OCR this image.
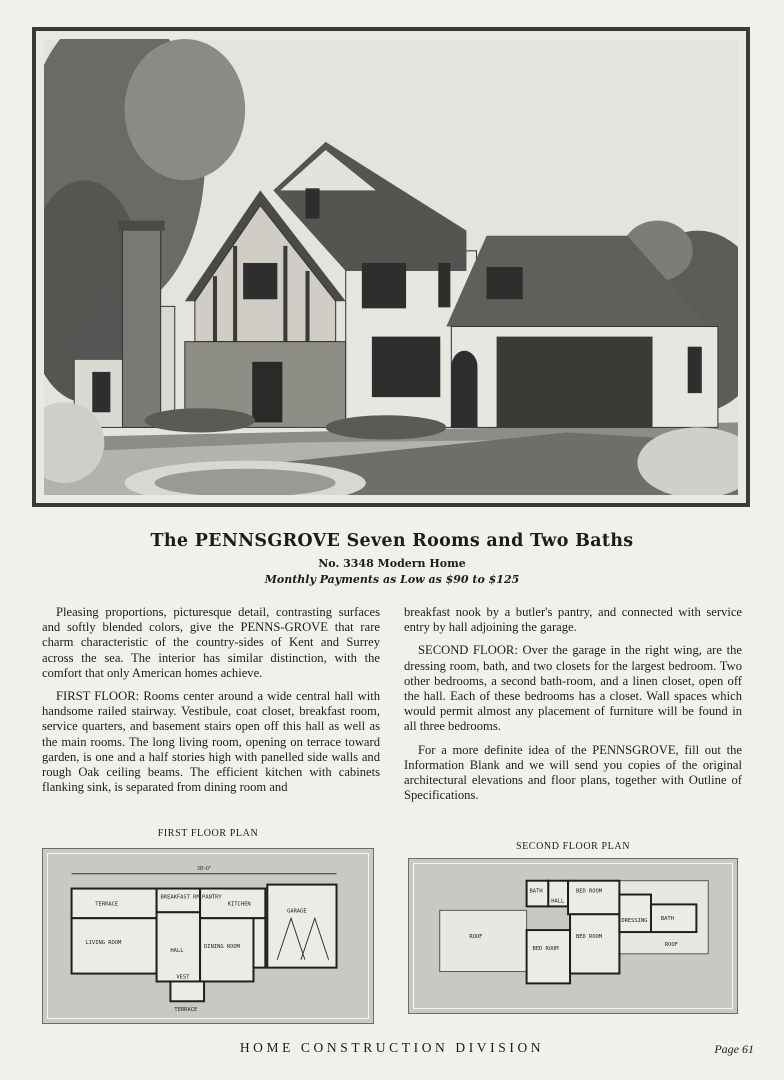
The PENNSGROVE Seven Rooms and Two Baths
No. 3348 Modern Home
Monthly Payments as Low as $90 to $125

Pleasing proportions, picturesque detail, contrasting surfaces and softly blended colors, give the PENNS-GROVE that rare charm characteristic of the country-sides of Kent and Surrey across the sea. The interior has similar distinction, with the comfort that only American homes achieve.

FIRST FLOOR: Rooms center around a wide central hall with handsome railed stairway. Vestibule, coat closet, breakfast room, service quarters, and basement stairs open off this hall as well as the main rooms. The long living room, opening on terrace toward garden, is one and a half stories high with panelled side walls and rough Oak ceiling beams. The efficient kitchen with cabinets flanking sink, is separated from dining room and

breakfast nook by a butler's pantry, and connected with service entry by hall adjoining the garage.

SECOND FLOOR: Over the garage in the right wing, are the dressing room, bath, and two closets for the largest bedroom. Two other bedrooms, a second bath-room, and a linen closet, open off the hall. Each of these bedrooms has a closet. Wall spaces which would permit almost any placement of furniture will be found in all three bedrooms.

For a more definite idea of the PENNSGROVE, fill out the Information Blank and we will send you copies of the original architectural elevations and floor plans, together with Outline of Specifications.

FIRST FLOOR PLAN
38'-0"
TERRACE
BREAKFAST RM PANTRY
KITCHEN
GARAGE
LIVING ROOM
HALL
DINING ROOM
VEST
TERRACE
SECOND FLOOR PLAN
ROOF
BATH
HALL
BED ROOM
BED ROOM
BED ROOM
DRESSING BATH
ROOF
HOME CONSTRUCTION DIVISION	Page 61
